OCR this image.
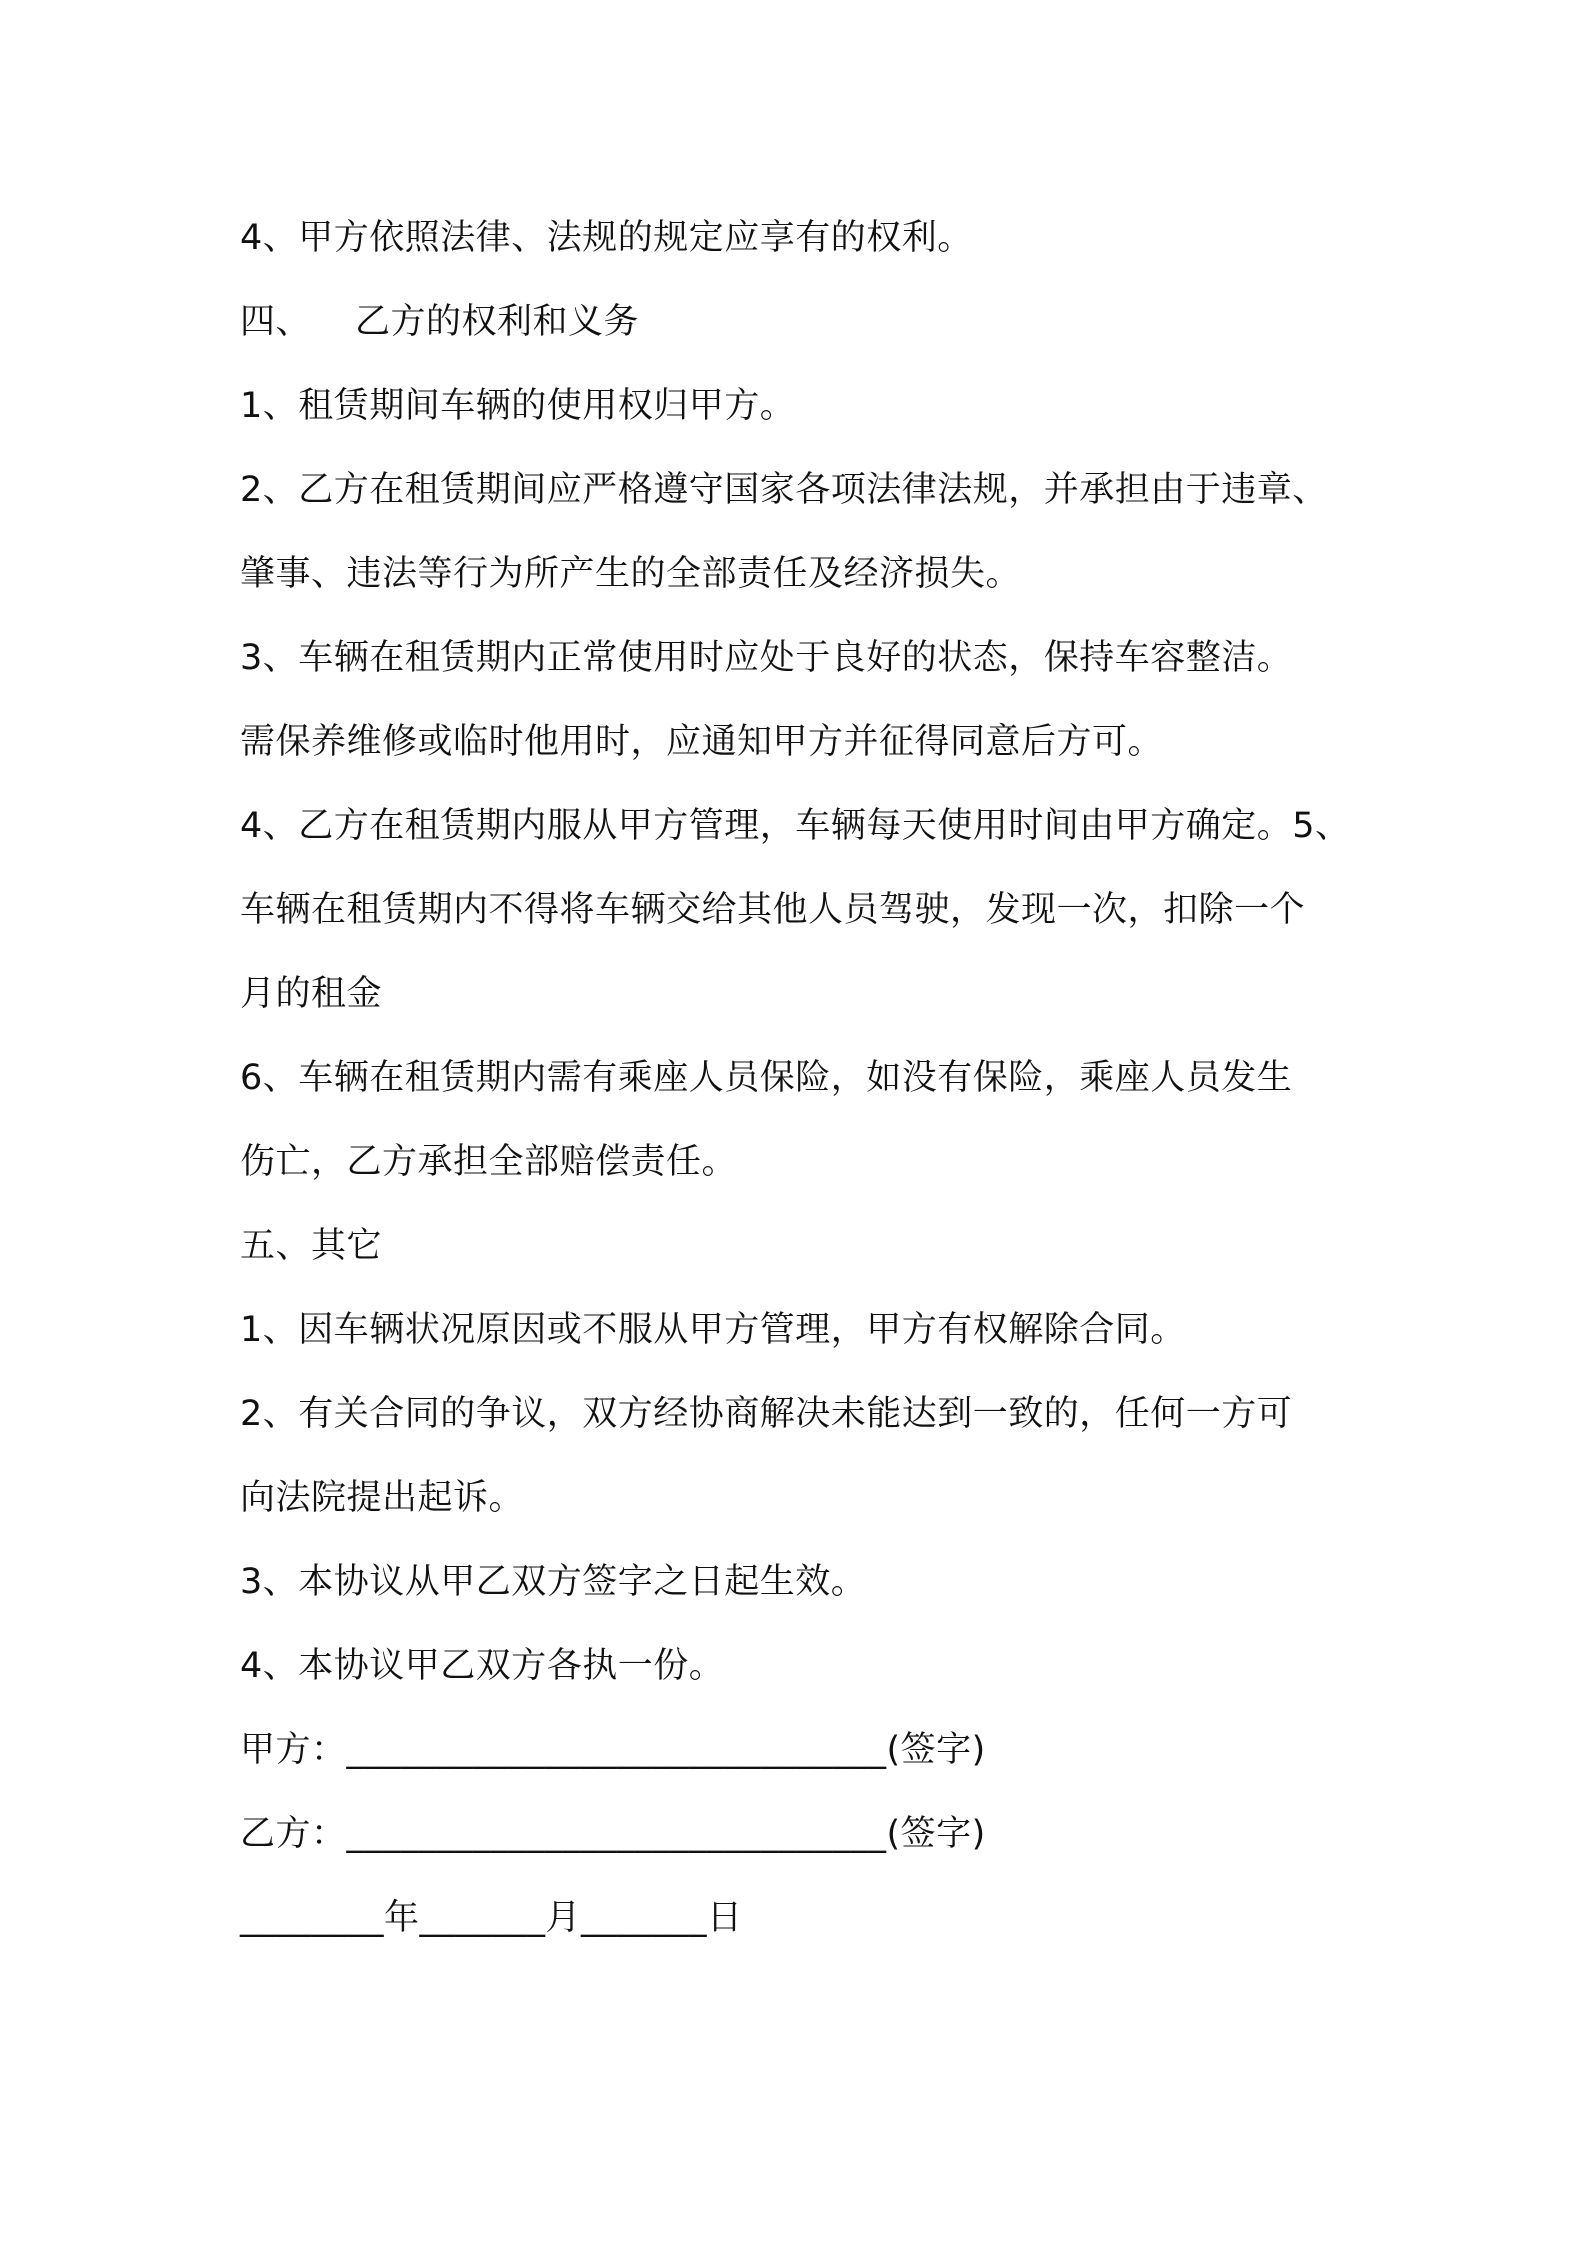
4、甲方依照法律、法规的规定应享有的权利。
四、 乙方的权利和义务
1、租赁期间车辆的使用权归甲方。
2、乙方在租赁期间应严格遵守国家各项法律法规，并承担由于违章、
肇事、违法等行为所产生的全部责任及经济损失。
3、车辆在租赁期内正常使用时应处于良好的状态，保持车容整洁。
需保养维修或临时他用时，应通知甲方并征得同意后方可。
4、乙方在租赁期内服从甲方管理，车辆每天使用时间由甲方确定。5、
车辆在租赁期内不得将车辆交给其他人员驾驶，发现一次，扣除一个
月的租金
6、车辆在租赁期内需有乘座人员保险，如没有保险，乘座人员发生
伤亡，乙方承担全部赔偿责任。
五、其它
1、因车辆状况原因或不服从甲方管理，甲方有权解除合同。
2、有关合同的争议，双方经协商解决未能达到一致的，任何一方可
向法院提出起诉。
3、本协议从甲乙双方签字之日起生效。
4、本协议甲乙双方各执一份。
甲方：______________________________(签字)
乙方：______________________________(签字)
________年_______月_______日
